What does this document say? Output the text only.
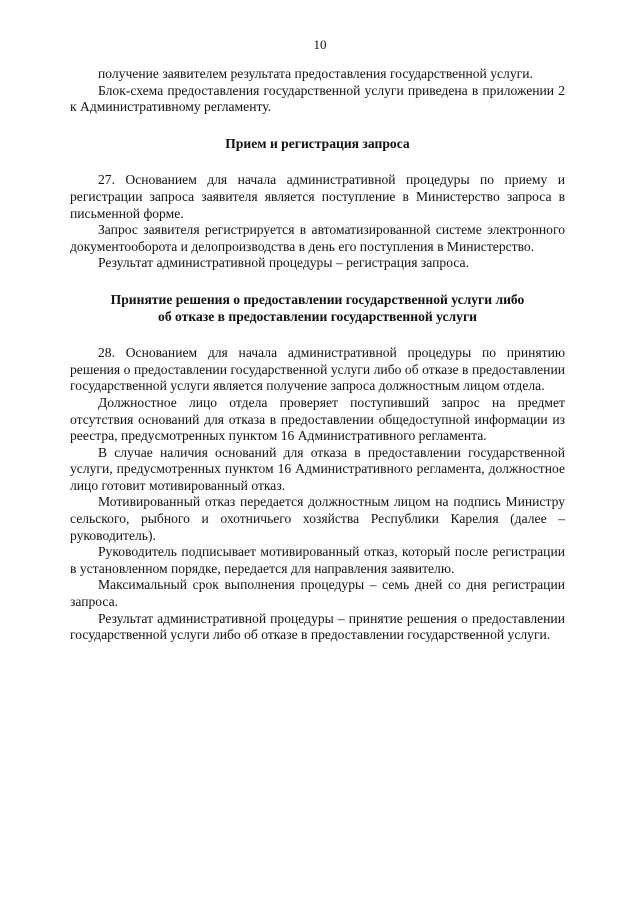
10

получение заявителем результата предоставления государственной услуги.

Блок-схема предоставления государственной услуги приведена в приложении 2 к Административному регламенту.

Прием и регистрация запроса

27. Основанием для начала административной процедуры по приему и регистрации запроса заявителя является поступление в Министерство запроса в письменной форме.

Запрос заявителя регистрируется в автоматизированной системе электронного документооборота и делопроизводства в день его поступления в Министерство.

Результат административной процедуры – регистрация запроса.

Принятие решения о предоставлении государственной услуги либо
об отказе в предоставлении государственной услуги

28. Основанием для начала административной процедуры по принятию решения о предоставлении государственной услуги либо об отказе в предоставлении государственной услуги является получение запроса должностным лицом отдела.

Должностное лицо отдела проверяет поступивший запрос на предмет отсутствия оснований для отказа в предоставлении общедоступной информации из реестра, предусмотренных пунктом 16 Административного регламента.

В случае наличия оснований для отказа в предоставлении государственной услуги, предусмотренных пунктом 16 Административного регламента, должностное лицо готовит мотивированный отказ.

Мотивированный отказ передается должностным лицом на подпись Министру сельского, рыбного и охотничьего хозяйства Республики Карелия (далее – руководитель).

Руководитель подписывает мотивированный отказ, который после регистрации в установленном порядке, передается для направления заявителю.

Максимальный срок выполнения процедуры – семь дней со дня регистрации запроса.

Результат административной процедуры – принятие решения о предоставлении государственной услуги либо об отказе в предоставлении государственной услуги.
